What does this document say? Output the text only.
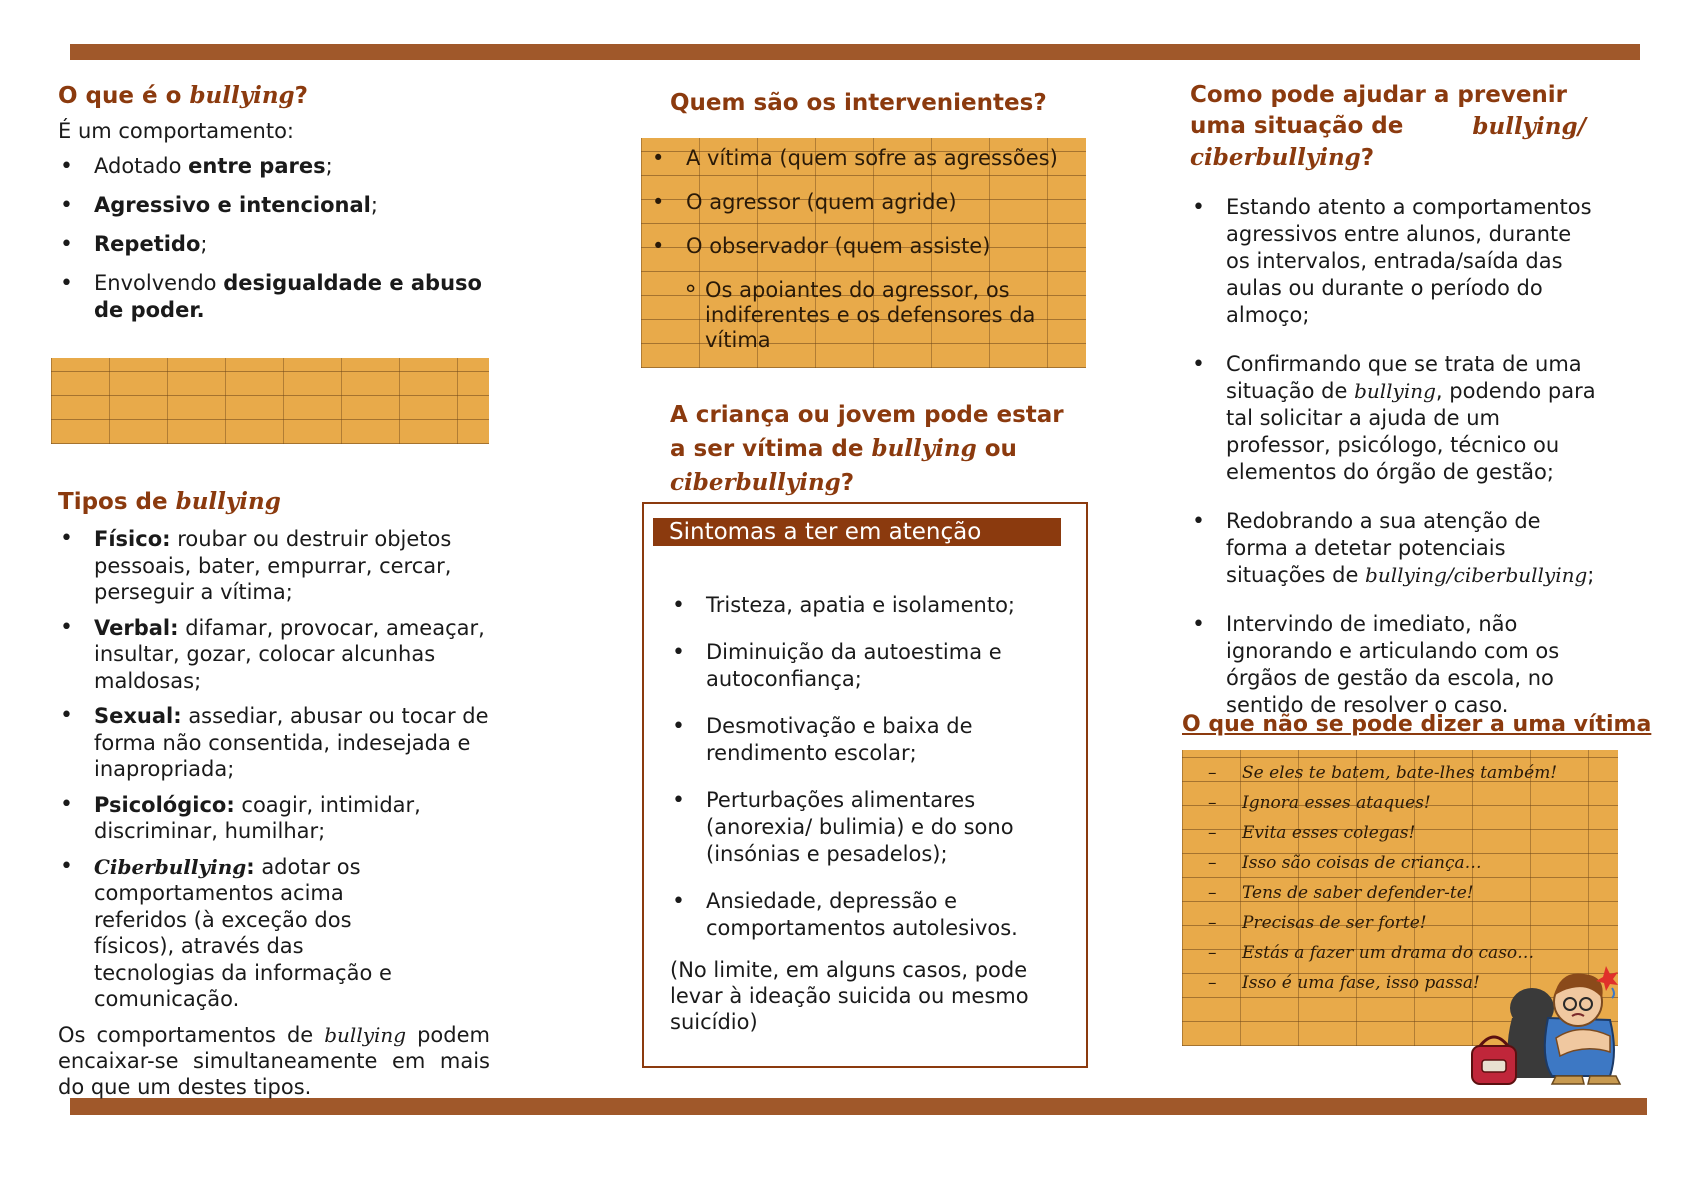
O que é o bullying?
É um comportamento:
• Adotado entre pares;
• Agressivo e intencional;
• Repetido;
• Envolvendo desigualdade e abuso de poder.
Tipos de bullying
• Físico: roubar ou destruir objetos pessoais, bater, empurrar, cercar, perseguir a vítima;
• Verbal: difamar, provocar, ameaçar, insultar, gozar, colocar alcunhas maldosas;
• Sexual: assediar, abusar ou tocar de forma não consentida, indesejada e inapropriada;
• Psicológico: coagir, intimidar, discriminar, humilhar;
• Ciberbullying: adotar os comportamentos acima referidos (à exceção dos físicos), através das tecnologias da informação e comunicação.
Os comportamentos de bullying podem encaixar-se simultaneamente em mais do que um destes tipos.
Quem são os intervenientes?
• A vítima (quem sofre as agressões)
• O agressor (quem agride)
• O observador (quem assiste)
∘ Os apoiantes do agressor, os indiferentes e os defensores da vítima
A criança ou jovem pode estar
a ser vítima de bullying ou
ciberbullying?
Sintomas a ter em atenção
• Tristeza, apatia e isolamento;
• Diminuição da autoestima e autoconfiança;
• Desmotivação e baixa de rendimento escolar;
• Perturbações alimentares (anorexia/ bulimia) e do sono (insónias e pesadelos);
• Ansiedade, depressão e comportamentos autolesivos.
(No limite, em alguns casos, pode levar à ideação suicida ou mesmo suicídio)
Como pode ajudar a prevenir
uma situação de	bullying/
ciberbullying?
• Estando atento a comportamentos agressivos entre alunos, durante os intervalos, entrada/saída das aulas ou durante o período do almoço;
• Confirmando que se trata de uma situação de bullying, podendo para tal solicitar a ajuda de um professor, psicólogo, técnico ou elementos do órgão de gestão;
• Redobrando a sua atenção de forma a detetar potenciais situações de bullying/ciberbullying;
• Intervindo de imediato, não ignorando e articulando com os órgãos de gestão da escola, no sentido de resolver o caso.
O que não se pode dizer a uma vítima
– Se eles te batem, bate-lhes também!
– Ignora esses ataques!
– Evita esses colegas!
– Isso são coisas de criança…
– Tens de saber defender-te!
– Precisas de ser forte!
– Estás a fazer um drama do caso…
– Isso é uma fase, isso passa!
